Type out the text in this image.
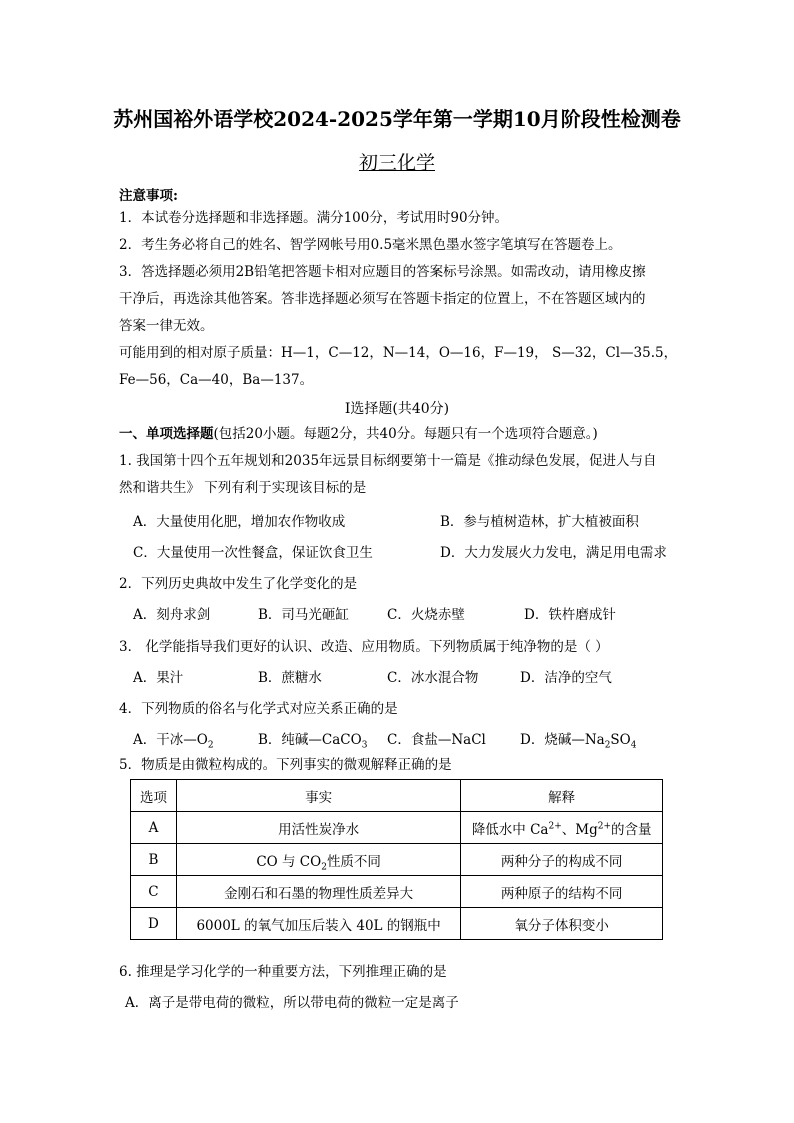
苏州国裕外语学校2024-2025学年第一学期10月阶段性检测卷
初三化学
注意事项:
1．本试卷分选择题和非选择题。满分100分，考试用时90分钟。
2．考生务必将自己的姓名、智学网帐号用0.5毫米黑色墨水签字笔填写在答题卷上。
3．答选择题必须用2B铅笔把答题卡相对应题目的答案标号涂黑。如需改动，请用橡皮擦
干净后，再选涂其他答案。答非选择题必须写在答题卡指定的位置上，不在答题区域内的
答案一律无效。
可能用到的相对原子质量：H—1，C—12，N—14，O—16，F—19， S—32，Cl—35.5，
Fe—56，Ca—40，Ba—137。
Ⅰ选择题(共40分)
一、单项选择题(包括20小题。每题2分，共40分。每题只有一个选项符合题意。)
1. 我国第十四个五年规划和2035年远景目标纲要第十一篇是《推动绿色发展，促进人与自
然和谐共生》 下列有利于实现该目标的是
A．大量使用化肥，增加农作物收成	B．参与植树造林，扩大植被面积
C．大量使用一次性餐盒，保证饮食卫生	D．大力发展火力发电，满足用电需求
2．下列历史典故中发生了化学变化的是
A．刻舟求剑	B．司马光砸缸	C．火烧赤壁	D．铁杵磨成针
3． 化学能指导我们更好的认识、改造、应用物质。下列物质属于纯净物的是（ ）
A．果汁	B．蔗糖水	C．冰水混合物	D．洁净的空气
4．下列物质的俗名与化学式对应关系正确的是
A．干冰$—O_2$	B．纯碱—CaCO$_3$ C．食盐—NaCl	D．烧碱$—Na_2SO_4$
5．物质是由微粒构成的。下列事实的微观解释正确的是
选项	事实	解释
A	用活性炭净水	降低水中 $Ca^{2+}$、$Mg^{2+}$的含量
B	CO 与 $CO_2$性质不同	两种分子的构成不同
C	金刚石和石墨的物理性质差异大	两种原子的结构不同
D	6000L 的氧气加压后装入 40L 的钢瓶中	氧分子体积变小
6. 推理是学习化学的一种重要方法，下列推理正确的是
A．离子是带电荷的微粒，所以带电荷的微粒一定是离子
